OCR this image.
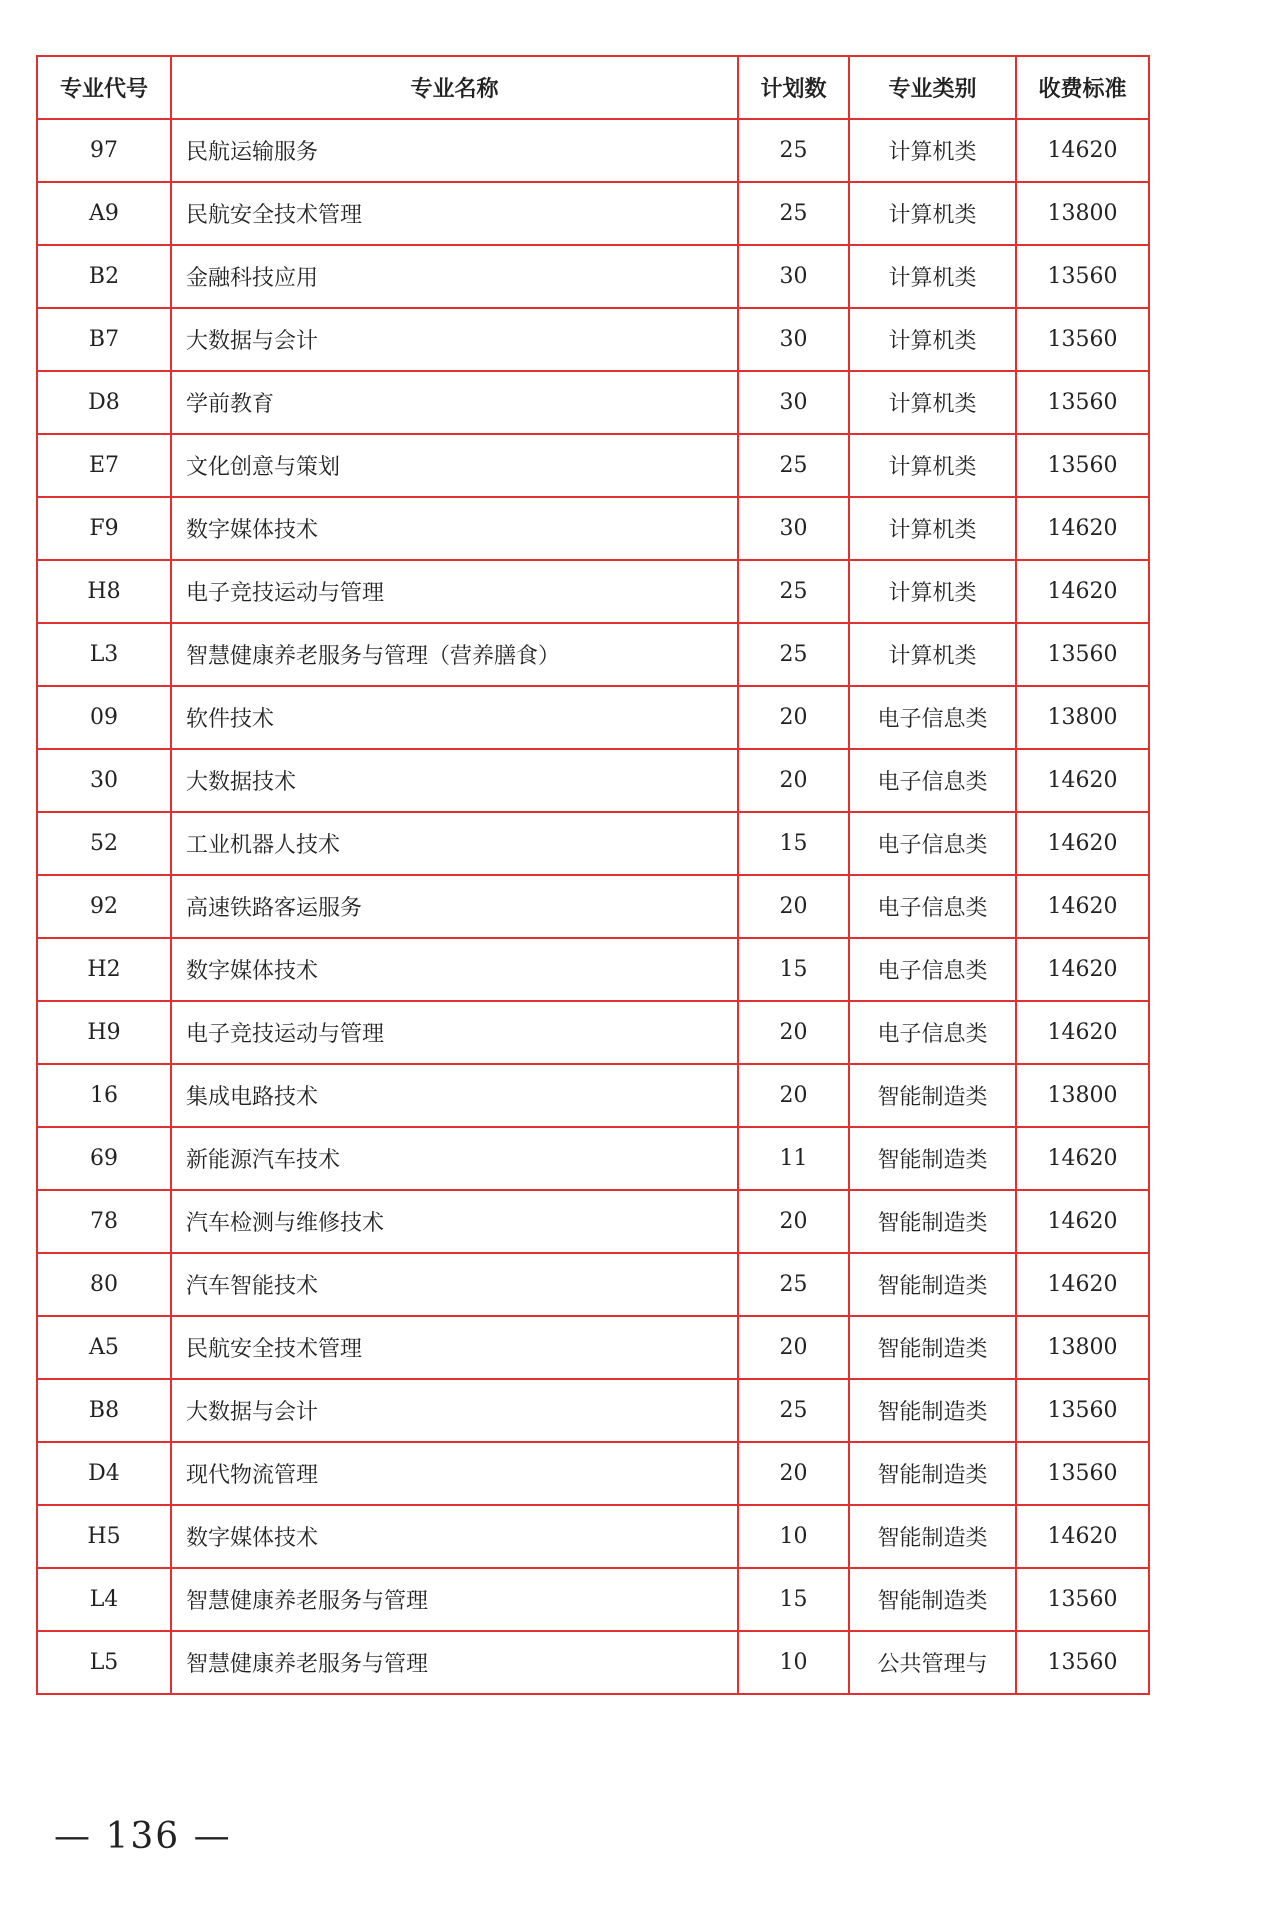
专业代号	专业名称	计划数	专业类别	收费标准
97	民航运输服务	25	计算机类	14620
A9	民航安全技术管理	25	计算机类	13800
B2	金融科技应用	30	计算机类	13560
B7	大数据与会计	30	计算机类	13560
D8	学前教育	30	计算机类	13560
E7	文化创意与策划	25	计算机类	13560
F9	数字媒体技术	30	计算机类	14620
H8	电子竞技运动与管理	25	计算机类	14620
L3	智慧健康养老服务与管理（营养膳食）	25	计算机类	13560
09	软件技术	20	电子信息类	13800
30	大数据技术	20	电子信息类	14620
52	工业机器人技术	15	电子信息类	14620
92	高速铁路客运服务	20	电子信息类	14620
H2	数字媒体技术	15	电子信息类	14620
H9	电子竞技运动与管理	20	电子信息类	14620
16	集成电路技术	20	智能制造类	13800
69	新能源汽车技术	11	智能制造类	14620
78	汽车检测与维修技术	20	智能制造类	14620
80	汽车智能技术	25	智能制造类	14620
A5	民航安全技术管理	20	智能制造类	13800
B8	大数据与会计	25	智能制造类	13560
D4	现代物流管理	20	智能制造类	13560
H5	数字媒体技术	10	智能制造类	14620
L4	智慧健康养老服务与管理	15	智能制造类	13560
L5	智慧健康养老服务与管理	10	公共管理与	13560
— 136 —
